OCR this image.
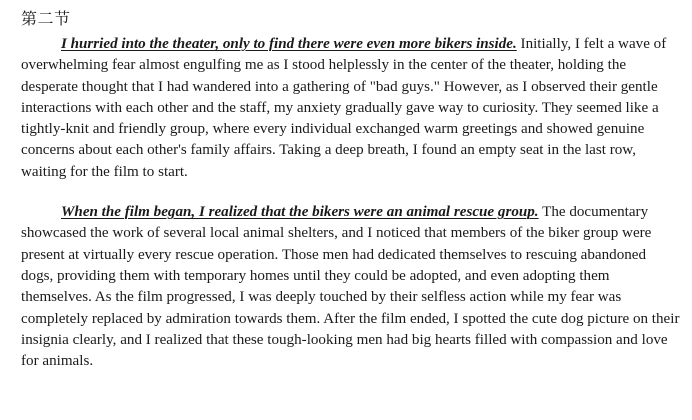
第二节

I hurried into the theater, only to find there were even more bikers inside. Initially, I felt a wave of overwhelming fear almost engulfing me as I stood helplessly in the center of the theater, holding the desperate thought that I had wandered into a gathering of "bad guys." However, as I observed their gentle interactions with each other and the staff, my anxiety gradually gave way to curiosity. They seemed like a tightly-knit and friendly group, where every individual exchanged warm greetings and showed genuine concerns about each other's family affairs. Taking a deep breath, I found an empty seat in the last row, waiting for the film to start.

When the film began, I realized that the bikers were an animal rescue group. The documentary showcased the work of several local animal shelters, and I noticed that members of the biker group were present at virtually every rescue operation. Those men had dedicated themselves to rescuing abandoned dogs, providing them with temporary homes until they could be adopted, and even adopting them themselves. As the film progressed, I was deeply touched by their selfless action while my fear was completely replaced by admiration towards them. After the film ended, I spotted the cute dog picture on their insignia clearly, and I realized that these tough-looking men had big hearts filled with compassion and love for animals.
